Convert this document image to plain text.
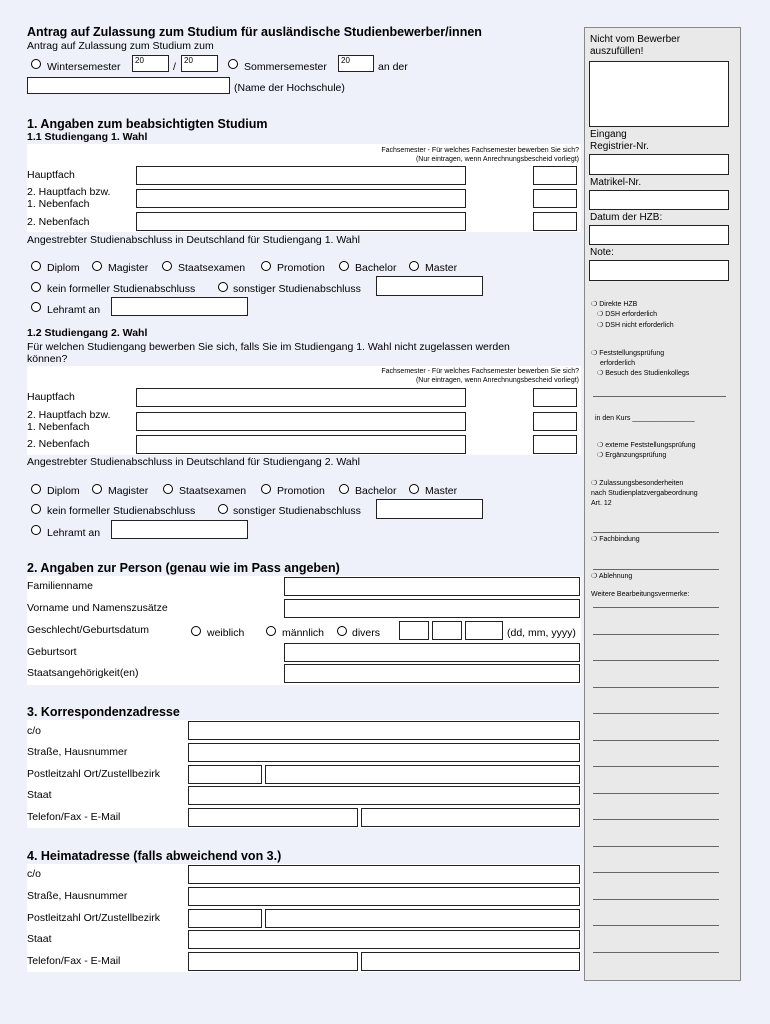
Antrag auf Zulassung zum Studium für ausländische Studienbewerber/innen
Antrag auf Zulassung zum Studium zum
Wintersemester
20
/
20
Sommersemester
20
an der
(Name der Hochschule)
1. Angaben zum beabsichtigten Studium
1.1 Studiengang 1. Wahl
Fachsemester - Für welches Fachsemester bewerben Sie sich?
(Nur eintragen, wenn Anrechnungsbescheid vorliegt)
Hauptfach
2. Hauptfach bzw.
1. Nebenfach
2. Nebenfach
Angestrebter Studienabschluss in Deutschland für Studiengang 1. Wahl
Diplom	Magister	Staatsexamen	Promotion	Bachelor	Master
kein formeller Studienabschluss	sonstiger Studienabschluss
Lehramt an
1.2 Studiengang 2. Wahl
Für welchen Studiengang bewerben Sie sich, falls Sie im Studiengang 1. Wahl nicht zugelassen werden
können?
Fachsemester - Für welches Fachsemester bewerben Sie sich?
(Nur eintragen, wenn Anrechnungsbescheid vorliegt)
Hauptfach
2. Hauptfach bzw.
1. Nebenfach
2. Nebenfach
Angestrebter Studienabschluss in Deutschland für Studiengang 2. Wahl
Diplom	Magister	Staatsexamen	Promotion	Bachelor	Master
kein formeller Studienabschluss	sonstiger Studienabschluss
Lehramt an
2. Angaben zur Person (genau wie im Pass angeben)
Familienname
Vorname und Namenszusätze
Geschlecht/Geburtsdatum	weiblich	männlich	divers	(dd, mm, yyyy)
Geburtsort
Staatsangehörigkeit(en)
3. Korrespondenzadresse
c/o
Straße, Hausnummer
Postleitzahl Ort/Zustellbezirk
Staat
Telefon/Fax - E-Mail
4. Heimatadresse (falls abweichend von 3.)
c/o
Straße, Hausnummer
Postleitzahl Ort/Zustellbezirk
Staat
Telefon/Fax - E-Mail
Nicht vom Bewerber
auszufüllen!
Eingang
Registrier-Nr.
Matrikel-Nr.
Datum der HZB:
Note:
❍ Direkte HZB
❍ DSH erforderlich
❍ DSH nicht erforderlich
❍ Feststellungsprüfung
erforderlich
❍ Besuch des Studienkollegs
in den Kurs ________________
❍ externe Feststellungsprüfung
❍ Ergänzungsprüfung
❍ Zulassungsbesonderheiten
nach Studienplatzvergabeordnung
Art. 12
❍ Fachbindung
❍ Ablehnung
Weitere Bearbeitungsvermerke:
